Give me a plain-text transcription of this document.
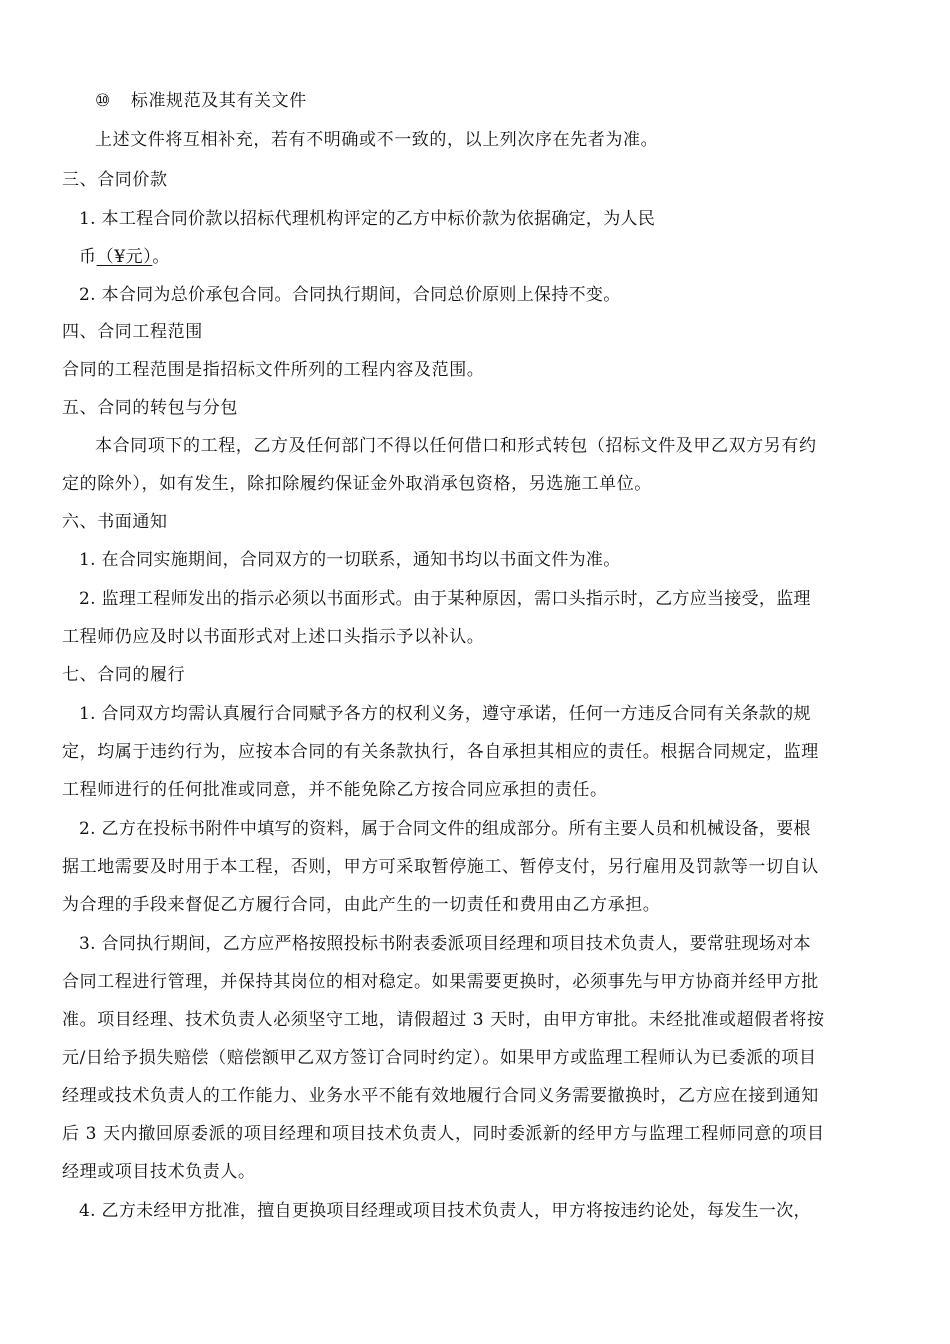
⑩ 标准规范及其有关文件
上述文件将互相补充，若有不明确或不一致的，以上列次序在先者为准。
三、合同价款
1. 本工程合同价款以招标代理机构评定的乙方中标价款为依据确定，为人民
币（¥元）。
2. 本合同为总价承包合同。合同执行期间，合同总价原则上保持不变。
四、合同工程范围
合同的工程范围是指招标文件所列的工程内容及范围。
五、合同的转包与分包
本合同项下的工程，乙方及任何部门不得以任何借口和形式转包（招标文件及甲乙双方另有约
定的除外），如有发生，除扣除履约保证金外取消承包资格，另选施工单位。
六、书面通知
1. 在合同实施期间，合同双方的一切联系，通知书均以书面文件为准。
2. 监理工程师发出的指示必须以书面形式。由于某种原因，需口头指示时，乙方应当接受，监理
工程师仍应及时以书面形式对上述口头指示予以补认。
七、合同的履行
1. 合同双方均需认真履行合同赋予各方的权利义务，遵守承诺，任何一方违反合同有关条款的规
定，均属于违约行为，应按本合同的有关条款执行，各自承担其相应的责任。根据合同规定，监理
工程师进行的任何批准或同意，并不能免除乙方按合同应承担的责任。
2. 乙方在投标书附件中填写的资料，属于合同文件的组成部分。所有主要人员和机械设备，要根
据工地需要及时用于本工程，否则，甲方可采取暂停施工、暂停支付，另行雇用及罚款等一切自认
为合理的手段来督促乙方履行合同，由此产生的一切责任和费用由乙方承担。
3. 合同执行期间，乙方应严格按照投标书附表委派项目经理和项目技术负责人，要常驻现场对本
合同工程进行管理，并保持其岗位的相对稳定。如果需要更换时，必须事先与甲方协商并经甲方批
准。项目经理、技术负责人必须坚守工地，请假超过 3 天时，由甲方审批。未经批准或超假者将按
元/日给予损失赔偿（赔偿额甲乙双方签订合同时约定）。如果甲方或监理工程师认为已委派的项目
经理或技术负责人的工作能力、业务水平不能有效地履行合同义务需要撤换时，乙方应在接到通知
后 3 天内撤回原委派的项目经理和项目技术负责人，同时委派新的经甲方与监理工程师同意的项目
经理或项目技术负责人。
4. 乙方未经甲方批准，擅自更换项目经理或项目技术负责人，甲方将按违约论处，每发生一次，
